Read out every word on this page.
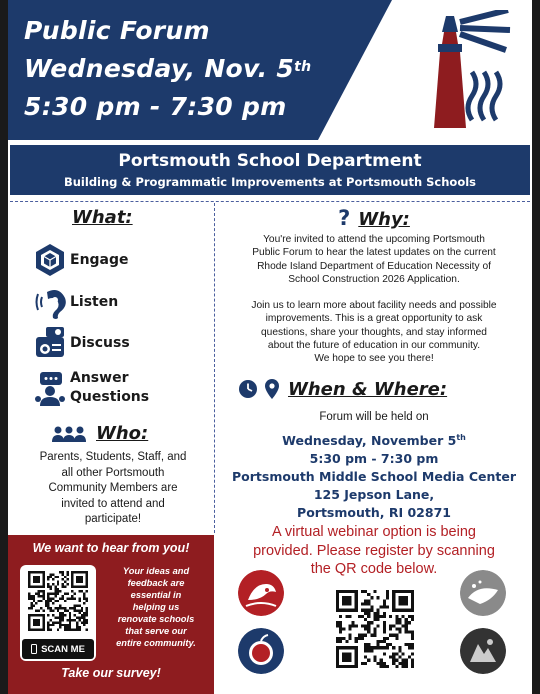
Public Forum
Wednesday, Nov. 5th
5:30 pm - 7:30 pm
Portsmouth School Department
Building & Programmatic Improvements at Portsmouth Schools
What:
Engage
Listen
Discuss
Answer
Questions
Who:
Parents, Students, Staff, and
all other Portsmouth
Community Members are
invited to attend and
participate!
? Why:

You're invited to attend the upcoming Portsmouth
Public Forum to hear the latest updates on the current
Rhode Island Department of Education Necessity of
School Construction 2026 Application.

Join us to learn more about facility needs and possible
improvements. This is a great opportunity to ask
questions, share your thoughts, and stay informed
about the future of education in our community.
We hope to see you there!

When & Where:
Forum will be held on
Wednesday, November 5th
5:30 pm - 7:30 pm
Portsmouth Middle School Media Center
125 Jepson Lane,
Portsmouth, RI 02871
A virtual webinar option is being
provided. Please register by scanning
the QR code below.
We want to hear from you!
SCAN ME
Your ideas and
feedback are
essential in
helping us
renovate schools
that serve our
entire community.
Take our survey!
